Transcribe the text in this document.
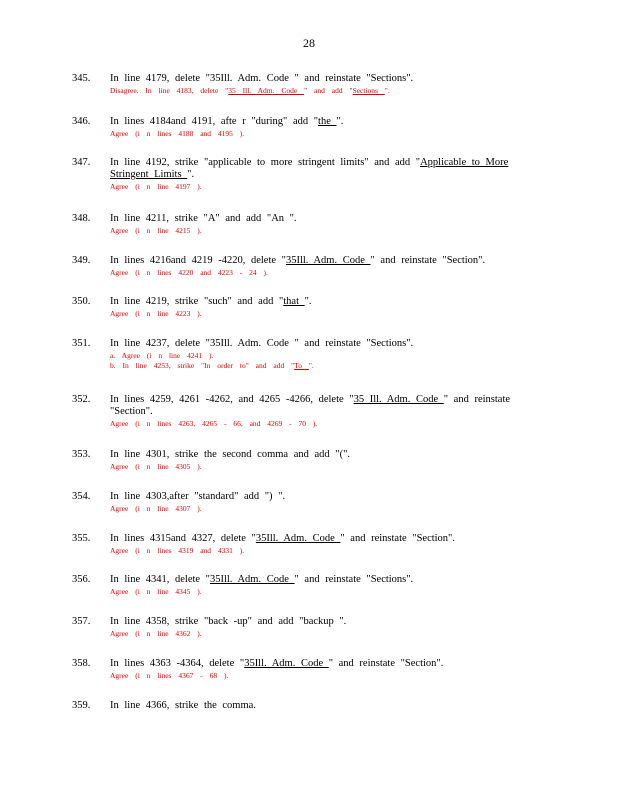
28
345. In line 4179, delete "35Ill. Adm. Code " and reinstate "Sections".
Disagree. In line 4183, delete "35 Ill. Adm. Code " and add "Sections ".
346. In lines 4184and 4191, afte r "during" add "the ".
Agree (i n lines 4188 and 4195 ).
347. In line 4192, strike "applicable to more stringent limits" and add "Applicable to More
Stringent Limits ".
Agree (i n line 4197 ).
348. In line 4211, strike "A" and add "An ".
Agree (i n line 4215 ).
349. In lines 4216and 4219 -4220, delete "35Ill. Adm. Code " and reinstate "Section".
Agree (i n lines 4220 and 4223 - 24 ).
350. In line 4219, strike "such" and add "that ".
Agree (i n line 4223 ).
351. In line 4237, delete "35Ill. Adm. Code " and reinstate "Sections".
a. Agree (i n line 4241 ).
b. In line 4253, strike "In order to" and add "To ".
352. In lines 4259, 4261 -4262, and 4265 -4266, delete "35 Ill. Adm. Code " and reinstate
"Section".
Agree (i n lines 4263, 4265 - 66, and 4269 - 70 ).
353. In line 4301, strike the second comma and add "(".
Agree (i n line 4305 ).
354. In line 4303,after "standard" add ") ".
Agree (i n line 4307 ).
355. In lines 4315and 4327, delete "35Ill. Adm. Code " and reinstate "Section".
Agree (i n lines 4319 and 4331 ).
356. In line 4341, delete "35Ill. Adm. Code " and reinstate "Sections".
Agree (i n line 4345 ).
357. In line 4358, strike "back -up" and add "backup ".
Agree (i n line 4362 ).
358. In lines 4363 -4364, delete "35Ill. Adm. Code " and reinstate "Section".
Agree (i n lines 4367 - 68 ).
359. In line 4366, strike the comma.
